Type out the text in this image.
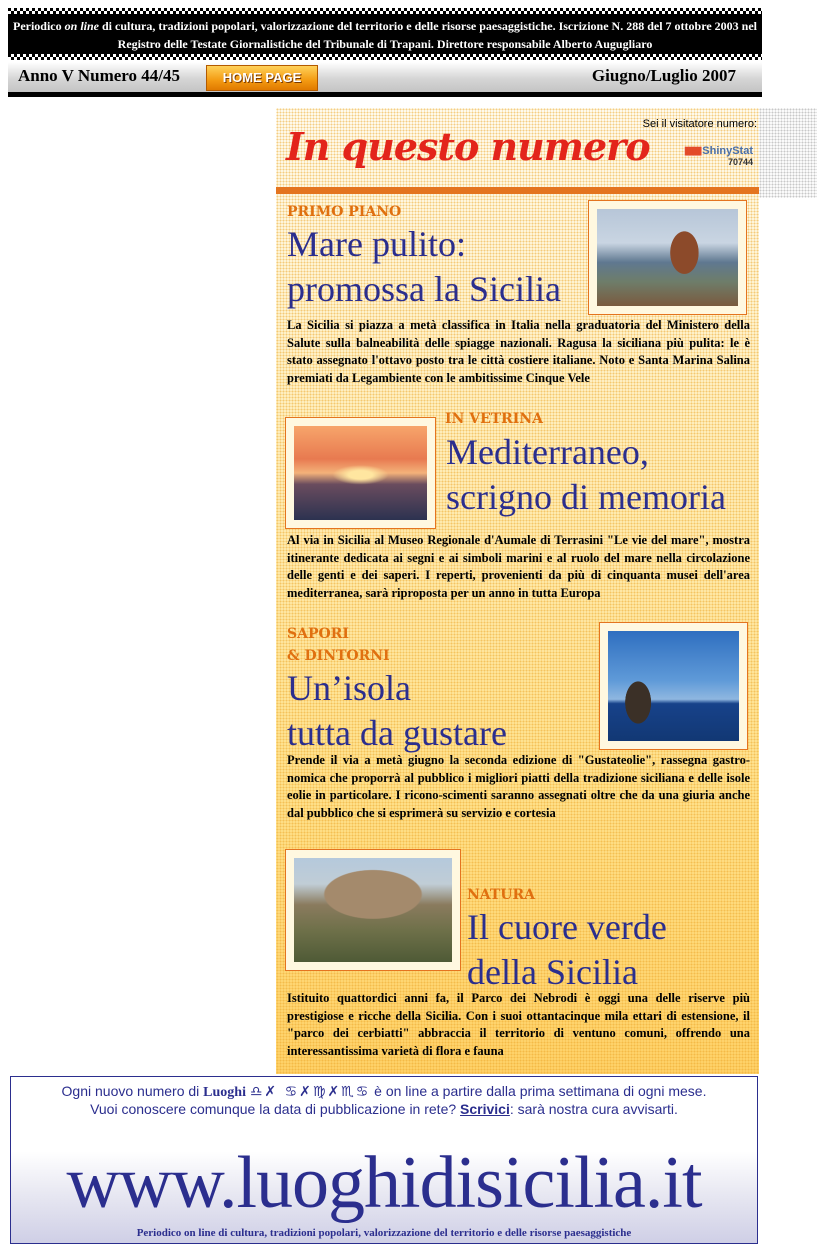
Periodico on line di cultura, tradizioni popolari, valorizzazione del territorio e delle risorse paesaggistiche. Iscrizione N. 288 del 7 ottobre 2003 nel Registro delle Testate Giornalistiche del Tribunale di Trapani. Direttore responsabile Alberto Augugliaro
Anno V Numero 44/45	HOME PAGE	Giugno/Luglio 2007
In questo numero
Sei il visitatore numero:
▮▮▮▮ ShinyStat
70744
PRIMO PIANO
Mare pulito:
promossa la Sicilia
La Sicilia si piazza a metà classifica in Italia nella graduatoria del Ministero della Salute sulla balneabilità delle spiagge nazionali. Ragusa la siciliana più pulita: le è stato assegnato l'ottavo posto tra le città costiere italiane. Noto e Santa Marina Salina premiati da Legambiente con le ambitissime Cinque Vele
IN VETRINA
Mediterraneo,
scrigno di memoria
Al via in Sicilia al Museo Regionale d'Aumale di Terrasini "Le vie del mare", mostra itinerante dedicata ai segni e ai simboli marini e al ruolo del mare nella circolazione delle genti e dei saperi. I reperti, provenienti da più di cinquanta musei dell'area mediterranea, sarà riproposta per un anno in tutta Europa
SAPORI
& DINTORNI
Un’isola
tutta da gustare
Prende il via a metà giugno la seconda edizione di "Gustateolie", rassegna gastro-nomica che proporrà al pubblico i migliori piatti della tradizione siciliana e delle isole eolie in particolare. I ricono-scimenti saranno assegnati oltre che da una giuria anche dal pubblico che si esprimerà su servizio e cortesia
NATURA
Il cuore verde
della Sicilia
Istituito quattordici anni fa, il Parco dei Nebrodi è oggi una delle riserve più prestigiose e ricche della Sicilia. Con i suoi ottantacinque mila ettari di estensione, il "parco dei cerbiatti" abbraccia il territorio di ventuno comuni, offrendo una interessantissima varietà di flora e fauna
Ogni nuovo numero di Luoghi ♎✗ ♋✗♍✗♏♋ è on line a partire dalla prima settimana di ogni mese.
Vuoi conoscere comunque la data di pubblicazione in rete? Scrivici: sarà nostra cura avvisarti.
www.luoghidisicilia.it
Periodico on line di cultura, tradizioni popolari, valorizzazione del territorio e delle risorse paesaggistiche
